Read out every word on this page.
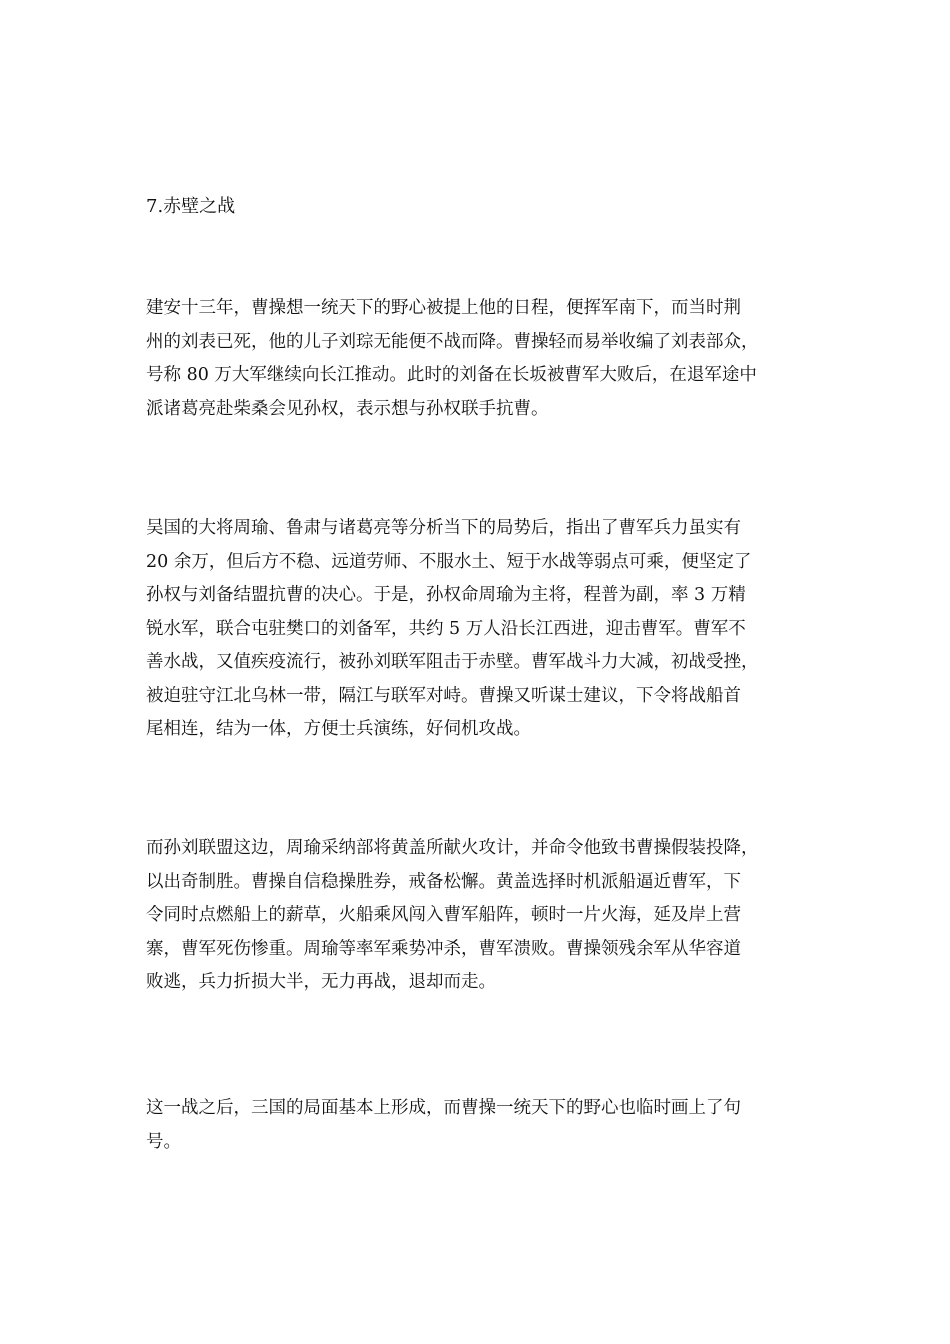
7.赤壁之战

建安十三年，曹操想一统天下的野心被提上他的日程，便挥军南下，而当时荆
州的刘表已死，他的儿子刘琮无能便不战而降。曹操轻而易举收编了刘表部众，
号称 80 万大军继续向长江推动。此时的刘备在长坂被曹军大败后，在退军途中
派诸葛亮赴柴桑会见孙权，表示想与孙权联手抗曹。

吴国的大将周瑜、鲁肃与诸葛亮等分析当下的局势后，指出了曹军兵力虽实有
20 余万，但后方不稳、远道劳师、不服水土、短于水战等弱点可乘，便坚定了
孙权与刘备结盟抗曹的决心。于是，孙权命周瑜为主将，程普为副，率 3 万精
锐水军，联合屯驻樊口的刘备军，共约 5 万人沿长江西进，迎击曹军。曹军不
善水战，又值疾疫流行，被孙刘联军阻击于赤壁。曹军战斗力大减，初战受挫，
被迫驻守江北乌林一带，隔江与联军对峙。曹操又听谋士建议，下令将战船首
尾相连，结为一体，方便士兵演练，好伺机攻战。

而孙刘联盟这边，周瑜采纳部将黄盖所献火攻计，并命令他致书曹操假装投降，
以出奇制胜。曹操自信稳操胜券，戒备松懈。黄盖选择时机派船逼近曹军，下
令同时点燃船上的薪草，火船乘风闯入曹军船阵，顿时一片火海，延及岸上营
寨，曹军死伤惨重。周瑜等率军乘势冲杀，曹军溃败。曹操领残余军从华容道
败逃，兵力折损大半，无力再战，退却而走。

这一战之后，三国的局面基本上形成，而曹操一统天下的野心也临时画上了句
号。
